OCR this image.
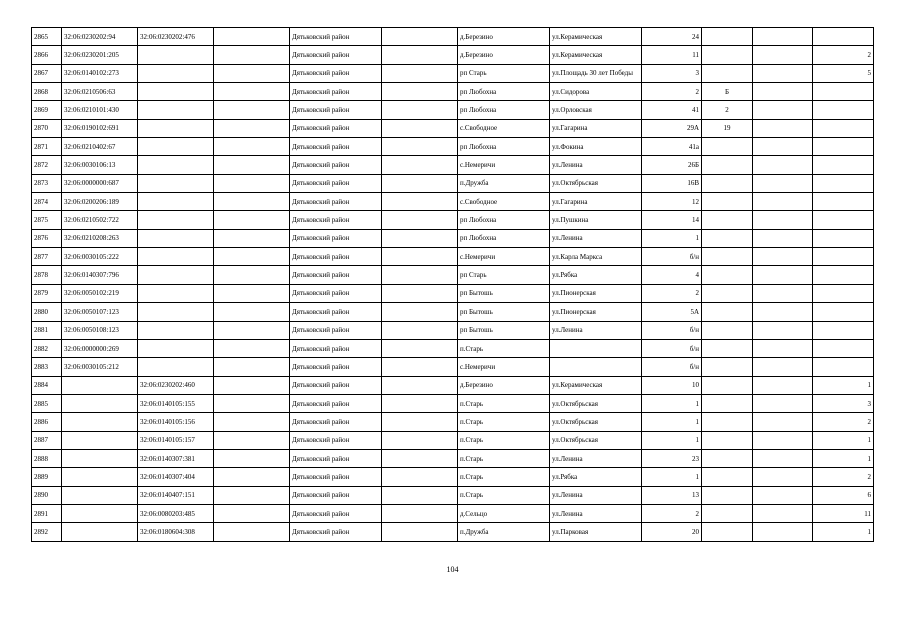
2865	32:06:0230202:94	32:06:0230202:476		Дятьковский район		д.Березино	ул.Керамическая	24			
2866	32:06:0230201:205			Дятьковский район		д.Березино	ул.Керамическая	11			2
2867	32:06:0140102:273			Дятьковский район		рп Старь	ул.Площадь 30 лет Победы	3			5
2868	32:06:0210506:63			Дятьковский район		рп Любохна	ул.Сидорова	2	Б		
2869	32:06:0210101:430			Дятьковский район		рп Любохна	ул.Орловская	41	2		
2870	32:06:0190102:691			Дятьковский район		с.Свободное	ул.Гагарина	29А	19		
2871	32:06:0210402:67			Дятьковский район		рп Любохна	ул.Фокина	41а			
2872	32:06:0030106:13			Дятьковский район		с.Немеричи	ул.Ленина	26Б			
2873	32:06:0000000:687			Дятьковский район		п.Дружба	ул.Октябрьская	16В			
2874	32:06:0200206:189			Дятьковский район		с.Свободное	ул.Гагарина	12			
2875	32:06:0210502:722			Дятьковский район		рп Любохна	ул.Пушкина	14			
2876	32:06:0210208:263			Дятьковский район		рп Любохна	ул.Ленина	1			
2877	32:06:0030105:222			Дятьковский район		с.Немеричи	ул.Карла Маркса	б/н			
2878	32:06:0140307:796			Дятьковский район		рп Старь	ул.Рябка	4			
2879	32:06:0050102:219			Дятьковский район		рп Бытошь	ул.Пионерская	2			
2880	32:06:0050107:123			Дятьковский район		рп Бытошь	ул.Пионерская	5А			
2881	32:06:0050108:123			Дятьковский район		рп Бытошь	ул.Ленина	б/н			
2882	32:06:0000000:269			Дятьковский район		п.Старь		б/н			
2883	32:06:0030105:212			Дятьковский район		с.Немеричи		б/н			
2884		32:06:0230202:460		Дятьковский район		д.Березино	ул.Керамическая	10			1
2885		32:06:0140105:155		Дятьковский район		п.Старь	ул.Октябрьская	1			3
2886		32:06:0140105:156		Дятьковский район		п.Старь	ул.Октябрьская	1			2
2887		32:06:0140105:157		Дятьковский район		п.Старь	ул.Октябрьская	1			1
2888		32:06:0140307:381		Дятьковский район		п.Старь	ул.Ленина	23			1
2889		32:06:0140307:404		Дятьковский район		п.Старь	ул.Рябка	1			2
2890		32:06:0140407:151		Дятьковский район		п.Старь	ул.Ленина	13			6
2891		32:06:0080203:485		Дятьковский район		д.Сельцо	ул.Ленина	2			11
2892		32:06:0180604:308		Дятьковский район		п.Дружба	ул.Парковая	20			1
104
